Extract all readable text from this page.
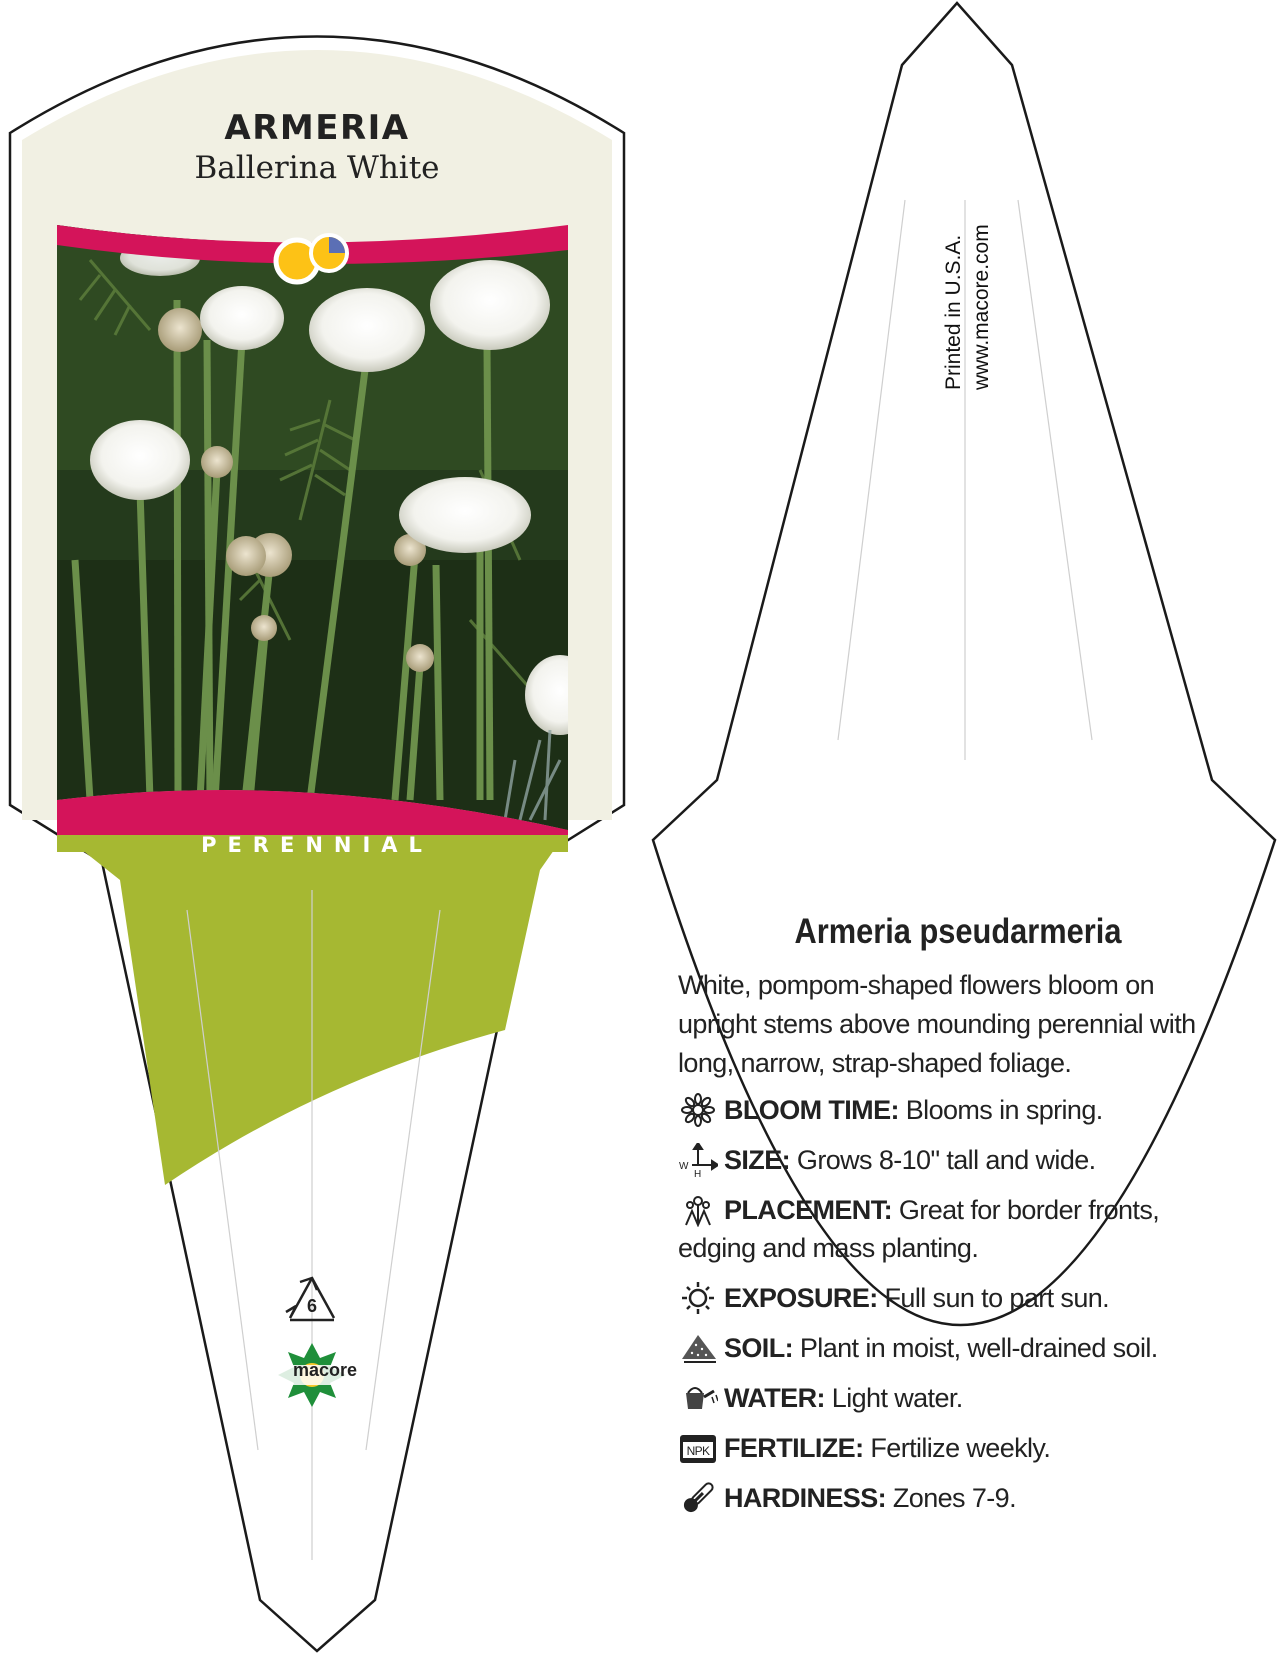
ARMERIA
Ballerina White
PERENNIAL
6
macore
Printed in U.S.A. www.macore.com
Armeria pseudarmeria
White, pompom-shaped flowers bloom on upright stems above mounding perennial with long, narrow, strap-shaped foliage.
BLOOM TIME: Blooms in spring.
W
H SIZE: Grows 8-10" tall and wide.
PLACEMENT: Great for border fronts, edging and mass planting.
EXPOSURE: Full sun to part sun.
SOIL: Plant in moist, well-drained soil.
WATER: Light water.
NPK FERTILIZE: Fertilize weekly.
HARDINESS: Zones 7-9.
